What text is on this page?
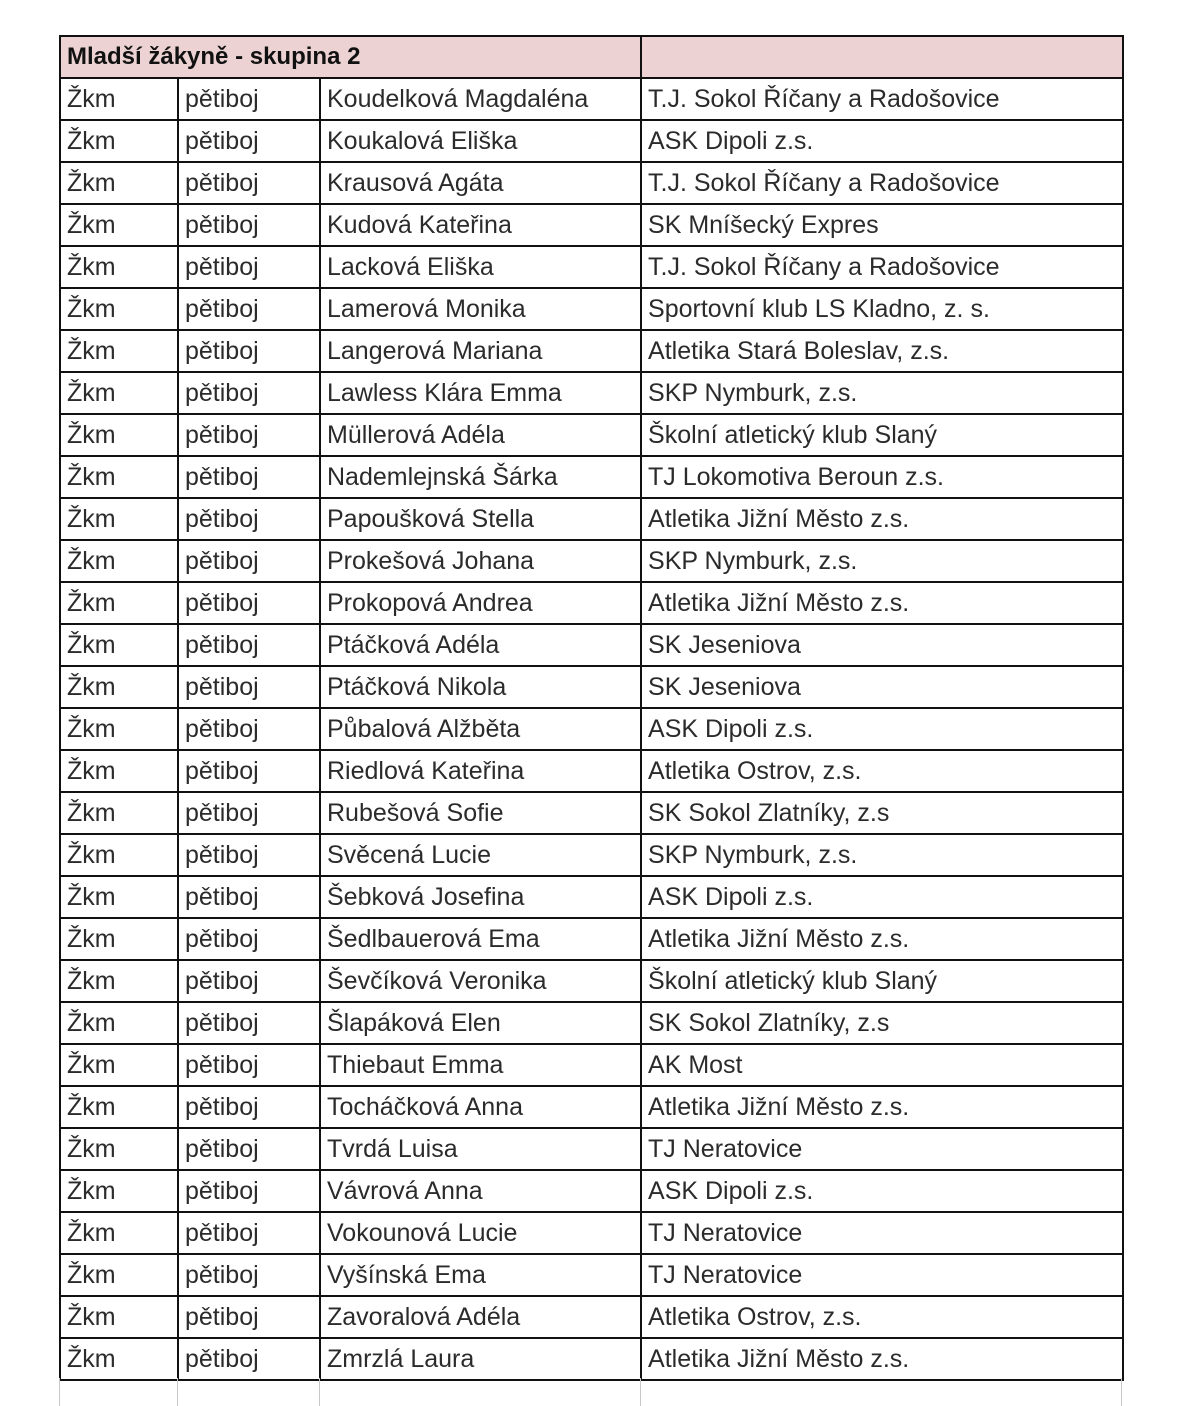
Mladší žákyně - skupina 2			
Žkm	pětiboj	Koudelková Magdaléna	T.J. Sokol Říčany a Radošovice
Žkm	pětiboj	Koukalová Eliška	ASK Dipoli z.s.
Žkm	pětiboj	Krausová Agáta	T.J. Sokol Říčany a Radošovice
Žkm	pětiboj	Kudová Kateřina	SK Mníšecký Expres
Žkm	pětiboj	Lacková Eliška	T.J. Sokol Říčany a Radošovice
Žkm	pětiboj	Lamerová Monika	Sportovní klub LS Kladno, z. s.
Žkm	pětiboj	Langerová Mariana	Atletika Stará Boleslav, z.s.
Žkm	pětiboj	Lawless Klára Emma	SKP Nymburk, z.s.
Žkm	pětiboj	Müllerová Adéla	Školní atletický klub Slaný
Žkm	pětiboj	Nademlejnská Šárka	TJ Lokomotiva Beroun z.s.
Žkm	pětiboj	Papoušková Stella	Atletika Jižní Město z.s.
Žkm	pětiboj	Prokešová Johana	SKP Nymburk, z.s.
Žkm	pětiboj	Prokopová Andrea	Atletika Jižní Město z.s.
Žkm	pětiboj	Ptáčková Adéla	SK Jeseniova
Žkm	pětiboj	Ptáčková Nikola	SK Jeseniova
Žkm	pětiboj	Půbalová Alžběta	ASK Dipoli z.s.
Žkm	pětiboj	Riedlová Kateřina	Atletika Ostrov, z.s.
Žkm	pětiboj	Rubešová Sofie	SK Sokol Zlatníky, z.s
Žkm	pětiboj	Svěcená Lucie	SKP Nymburk, z.s.
Žkm	pětiboj	Šebková Josefina	ASK Dipoli z.s.
Žkm	pětiboj	Šedlbauerová Ema	Atletika Jižní Město z.s.
Žkm	pětiboj	Ševčíková Veronika	Školní atletický klub Slaný
Žkm	pětiboj	Šlapáková Elen	SK Sokol Zlatníky, z.s
Žkm	pětiboj	Thiebaut Emma	AK Most
Žkm	pětiboj	Tocháčková Anna	Atletika Jižní Město z.s.
Žkm	pětiboj	Tvrdá Luisa	TJ Neratovice
Žkm	pětiboj	Vávrová Anna	ASK Dipoli z.s.
Žkm	pětiboj	Vokounová Lucie	TJ Neratovice
Žkm	pětiboj	Vyšínská Ema	TJ Neratovice
Žkm	pětiboj	Zavoralová Adéla	Atletika Ostrov, z.s.
Žkm	pětiboj	Zmrzlá Laura	Atletika Jižní Město z.s.
